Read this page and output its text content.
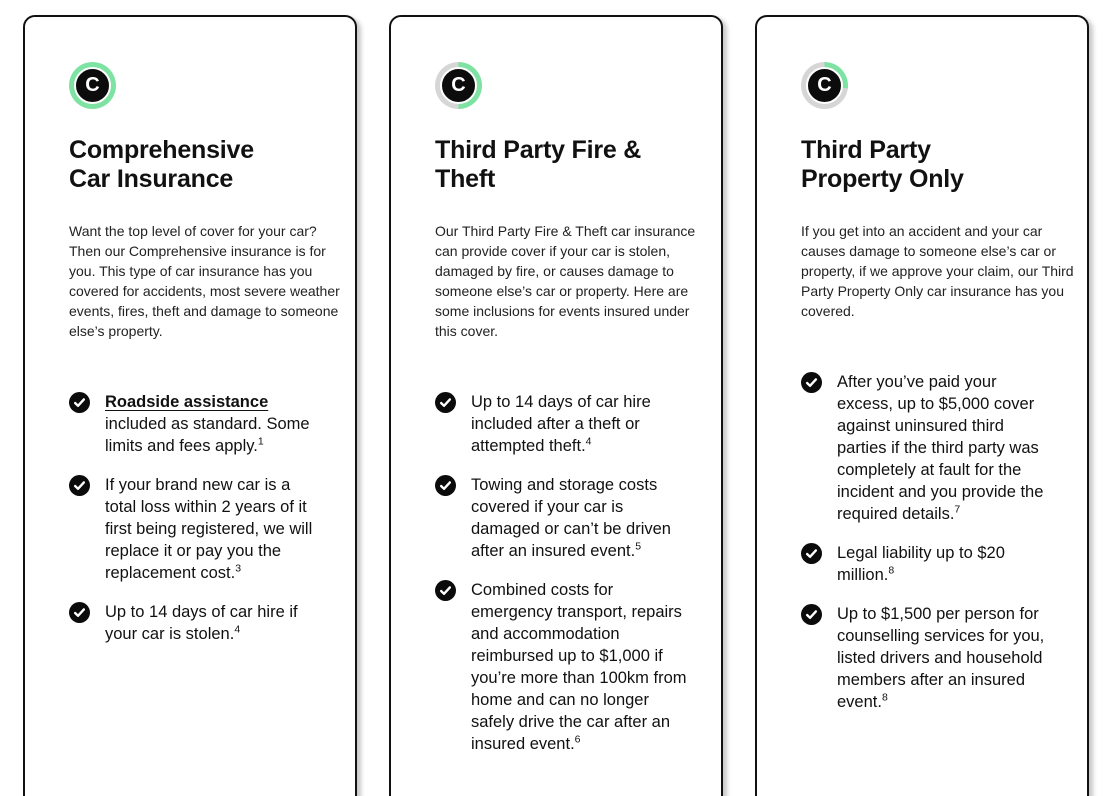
C
Comprehensive
Car Insurance

Want the top level of cover for your car? Then our Comprehensive insurance is for you. This type of car insurance has you covered for accidents, most severe weather events, fires, theft and damage to someone else’s property.

Roadside assistance included as standard. Some limits and fees apply.$^1$
If your brand new car is a total loss within 2 years of it first being registered, we will replace it or pay you the replacement cost.$^3$
Up to 14 days of car hire if your car is stolen.$^4$
C
Third Party Fire &
Theft

Our Third Party Fire & Theft car insurance can provide cover if your car is stolen, damaged by fire, or causes damage to someone else’s car or property. Here are some inclusions for events insured under this cover.

Up to 14 days of car hire included after a theft or attempted theft.$^4$
Towing and storage costs covered if your car is damaged or can’t be driven after an insured event.$^5$
Combined costs for emergency transport, repairs and accommodation reimbursed up to $1,000 if you’re more than 100km from home and can no longer safely drive the car after an insured event.$^6$
C
Third Party
Property Only

If you get into an accident and your car causes damage to someone else’s car or property, if we approve your claim, our Third Party Property Only car insurance has you covered.

After you’ve paid your excess, up to $5,000 cover against uninsured third parties if the third party was completely at fault for the incident and you provide the required details.$^7$
Legal liability up to $20 million.$^8$
Up to $1,500 per person for counselling services for you, listed drivers and household members after an insured event.$^8$
